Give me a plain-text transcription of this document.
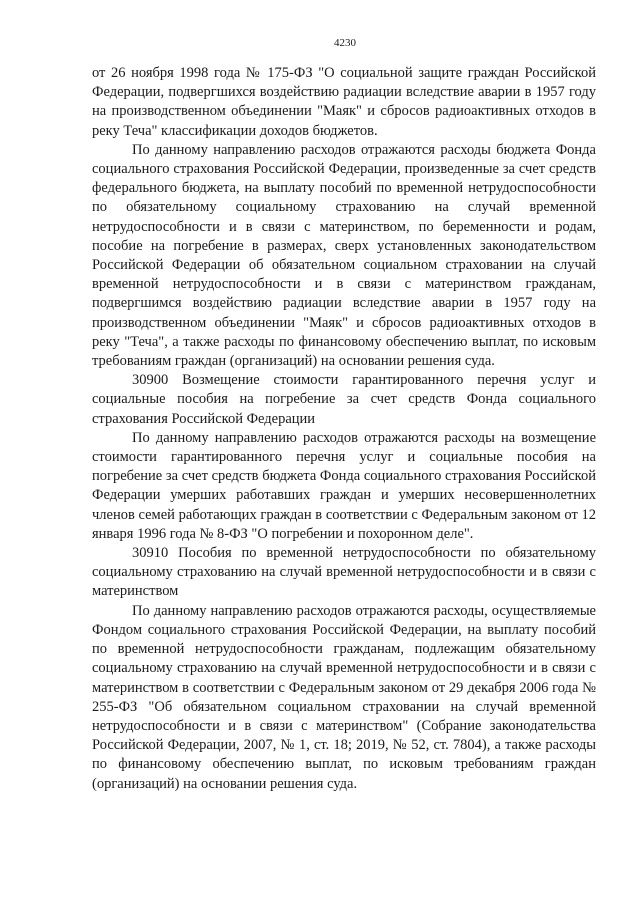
4230

от 26 ноября 1998 года № 175-ФЗ "О социальной защите граждан Российской Федерации, подвергшихся воздействию радиации вследствие аварии в 1957 году на производственном объединении "Маяк" и сбросов радиоактивных отходов в реку Теча" классификации доходов бюджетов.

По данному направлению расходов отражаются расходы бюджета Фонда социального страхования Российской Федерации, произведенные за счет средств федерального бюджета, на выплату пособий по временной нетрудоспособности по обязательному социальному страхованию на случай временной нетрудоспособности и в связи с материнством, по беременности и родам, пособие на погребение в размерах, сверх установленных законодательством Российской Федерации об обязательном социальном страховании на случай временной нетрудоспособности и в связи с материнством гражданам, подвергшимся воздействию радиации вследствие аварии в 1957 году на производственном объединении "Маяк" и сбросов радиоактивных отходов в реку "Теча", а также расходы по финансовому обеспечению выплат, по исковым требованиям граждан (организаций) на основании решения суда.

30900 Возмещение стоимости гарантированного перечня услуг и социальные пособия на погребение за счет средств Фонда социального страхования Российской Федерации

По данному направлению расходов отражаются расходы на возмещение стоимости гарантированного перечня услуг и социальные пособия на погребение за счет средств бюджета Фонда социального страхования Российской Федерации умерших работавших граждан и умерших несовершеннолетних членов семей работающих граждан в соответствии с Федеральным законом от 12 января 1996 года № 8-ФЗ "О погребении и похоронном деле".

30910 Пособия по временной нетрудоспособности по обязательному социальному страхованию на случай временной нетрудоспособности и в связи с материнством

По данному направлению расходов отражаются расходы, осуществляемые Фондом социального страхования Российской Федерации, на выплату пособий по временной нетрудоспособности гражданам, подлежащим обязательному социальному страхованию на случай временной нетрудоспособности и в связи с материнством в соответствии с Федеральным законом от 29 декабря 2006 года № 255-ФЗ "Об обязательном социальном страховании на случай временной нетрудоспособности и в связи с материнством" (Собрание законодательства Российской Федерации, 2007, № 1, ст. 18; 2019, № 52, ст. 7804), а также расходы по финансовому обеспечению выплат, по исковым требованиям граждан (организаций) на основании решения суда.
